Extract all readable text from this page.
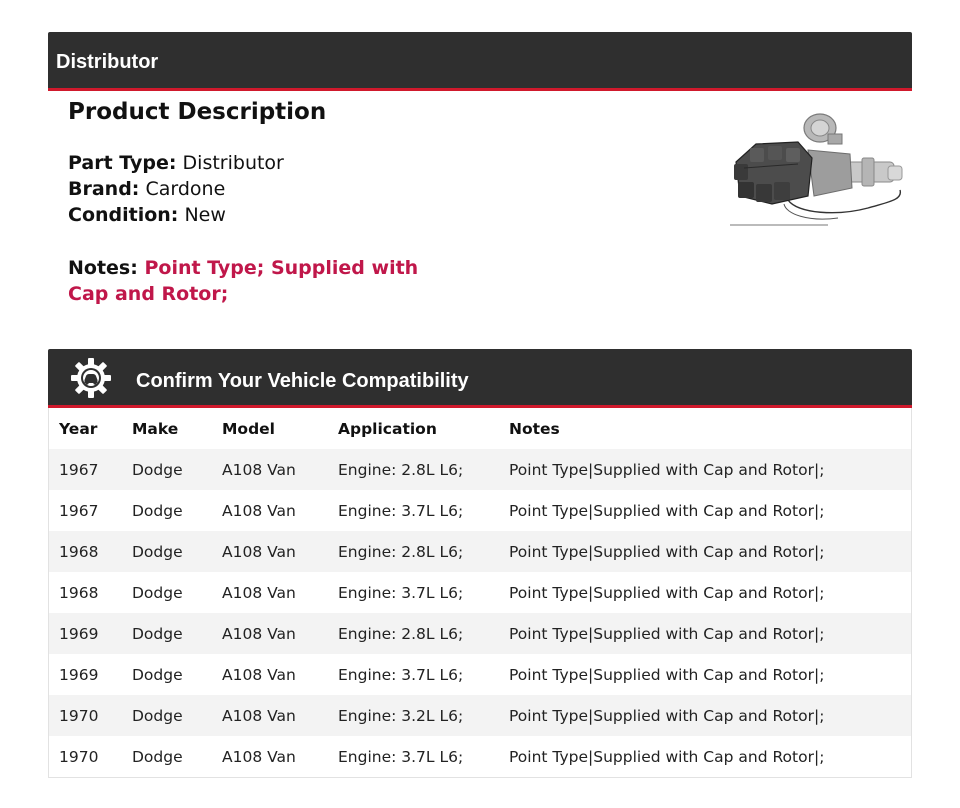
Distributor
Product Description
Part Type: Distributor
Brand: Cardone
Condition: New
Notes: Point Type; Supplied with Cap and Rotor;
Confirm Your Vehicle Compatibility
Year	Make	Model	Application	Notes
1967	Dodge	A108 Van	Engine: 2.8L L6;	Point Type|Supplied with Cap and Rotor|;
1967	Dodge	A108 Van	Engine: 3.7L L6;	Point Type|Supplied with Cap and Rotor|;
1968	Dodge	A108 Van	Engine: 2.8L L6;	Point Type|Supplied with Cap and Rotor|;
1968	Dodge	A108 Van	Engine: 3.7L L6;	Point Type|Supplied with Cap and Rotor|;
1969	Dodge	A108 Van	Engine: 2.8L L6;	Point Type|Supplied with Cap and Rotor|;
1969	Dodge	A108 Van	Engine: 3.7L L6;	Point Type|Supplied with Cap and Rotor|;
1970	Dodge	A108 Van	Engine: 3.2L L6;	Point Type|Supplied with Cap and Rotor|;
1970	Dodge	A108 Van	Engine: 3.7L L6;	Point Type|Supplied with Cap and Rotor|;
